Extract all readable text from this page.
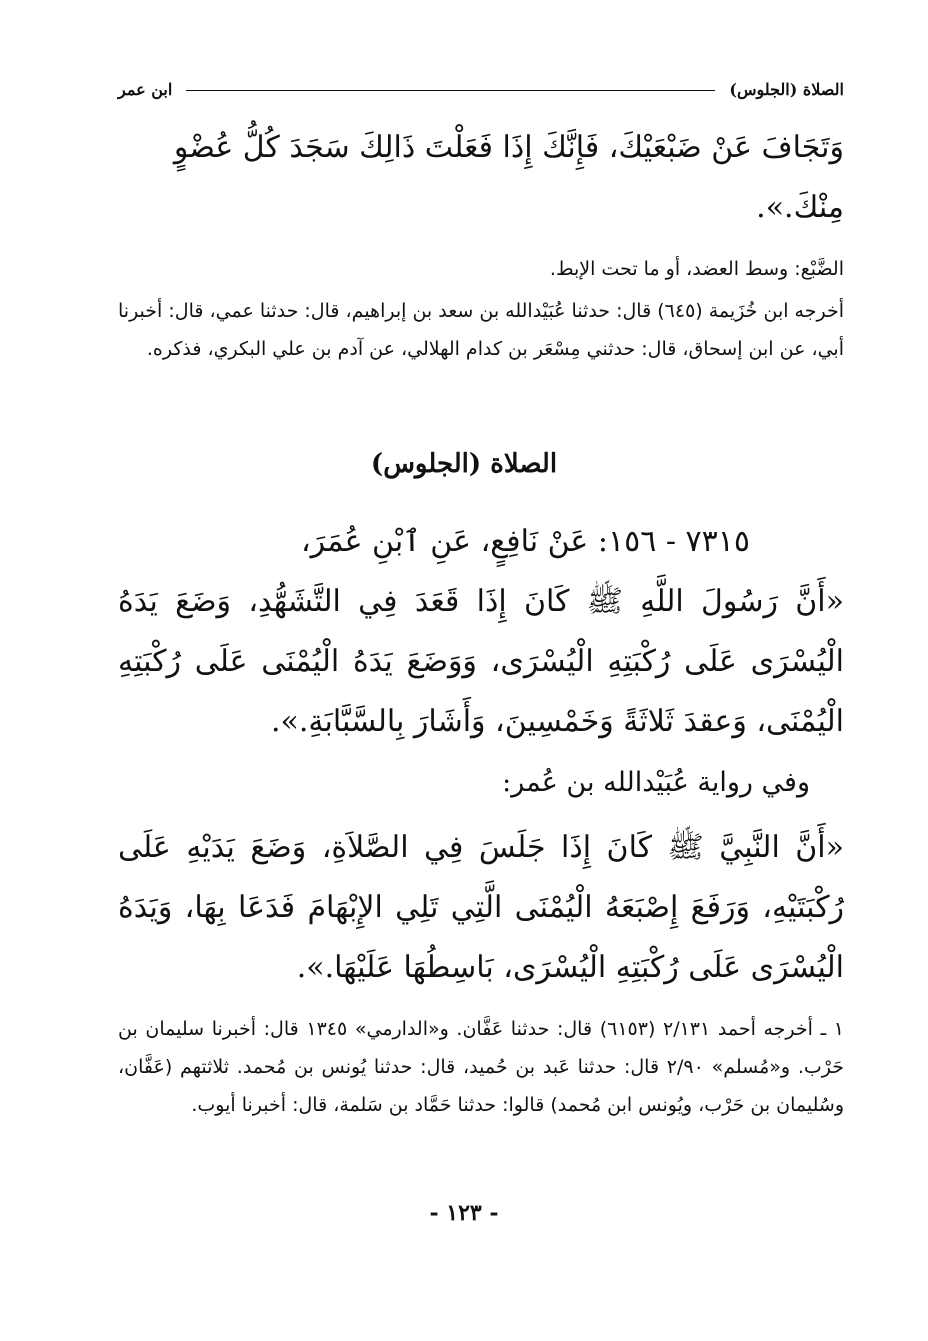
الصلاة (الجلوس)
ابن عمر
وَتَجَافَ عَنْ ضَبْعَيْكَ، فَإِنَّكَ إِذَا فَعَلْتَ ذَالِكَ سَجَدَ كُلُّ عُضْوٍ
مِنْكَ.».
الضَّبْع: وسط العضد، أو ما تحت الإبط.
أخرجه ابن خُزَيمة (٦٤٥) قال: حدثنا عُبَيْدالله بن سعد بن إبراهيم، قال: حدثنا عمي، قال: أخبرنا أبي، عن ابن إسحاق، قال: حدثني مِسْعَر بن كدام الهلالي، عن آدم بن علي البكري، فذكره.
الصلاة (الجلوس)
٧٣١٥ - ١٥٦: عَنْ نَافِعٍ، عَنِ ٱبْنِ عُمَرَ،
«أَنَّ رَسُولَ اللَّهِ ﷺ كَانَ إِذَا قَعَدَ فِي التَّشَهُّدِ، وَضَعَ يَدَهُ الْيُسْرَى عَلَى رُكْبَتِهِ الْيُسْرَى، وَوَضَعَ يَدَهُ الْيُمْنَى عَلَى رُكْبَتِهِ الْيُمْنَى، وَعقدَ ثَلاثَةً وَخَمْسِينَ، وَأَشَارَ بِالسَّبَّابَةِ.».
وفي رواية عُبَيْدالله بن عُمر:
«أَنَّ النَّبِيَّ ﷺ كَانَ إِذَا جَلَسَ فِي الصَّلاَةِ، وَضَعَ يَدَيْهِ عَلَى رُكْبَتَيْهِ، وَرَفَعَ إِصْبَعَهُ الْيُمْنَى الَّتِي تَلِي الإِبْهَامَ فَدَعَا بِهَا، وَيَدَهُ الْيُسْرَى عَلَى رُكْبَتِهِ الْيُسْرَى، بَاسِطُهَا عَلَيْهَا.».
١ ـ أخرجه أحمد ٢/١٣١ (٦١٥٣) قال: حدثنا عَفَّان. و«الدارمي» ١٣٤٥ قال: أخبرنا سليمان بن حَرْب. و«مُسلم» ٢/٩٠ قال: حدثنا عَبد بن حُميد، قال: حدثنا يُونس بن مُحمد. ثلاثتهم (عَفَّان، وسُليمان بن حَرْب، ويُونس ابن مُحمد) قالوا: حدثنا حَمَّاد بن سَلمة، قال: أخبرنا أيوب.
- ١٢٣ -
